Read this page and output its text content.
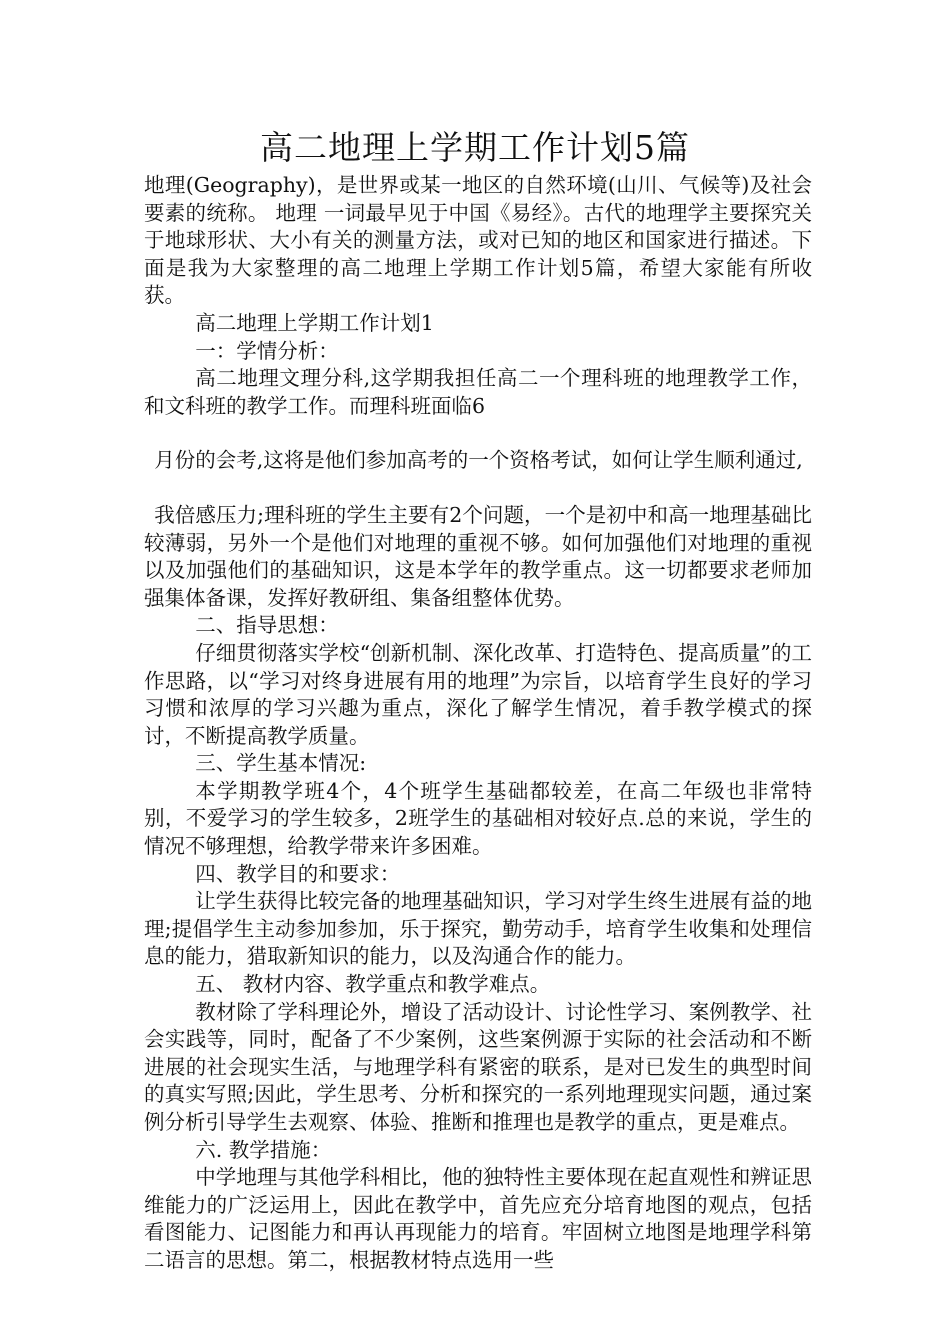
高二地理上学期工作计划5篇

地理(Geography)，是世界或某一地区的自然环境(山川、气候等)及社会要素的统称。 地理 一词最早见于中国《易经》。古代的地理学主要探究关于地球形状、大小有关的测量方法，或对已知的地区和国家进行描述。下面是我为大家整理的高二地理上学期工作计划5篇，希望大家能有所收获。

高二地理上学期工作计划1

一：学情分析：

高二地理文理分科,这学期我担任高二一个理科班的地理教学工作，和文科班的教学工作。而理科班面临6

月份的会考,这将是他们参加高考的一个资格考试，如何让学生顺利通过,

我倍感压力;理科班的学生主要有2个问题，一个是初中和高一地理基础比较薄弱，另外一个是他们对地理的重视不够。如何加强他们对地理的重视以及加强他们的基础知识，这是本学年的教学重点。这一切都要求老师加强集体备课，发挥好教研组、集备组整体优势。

二、指导思想：

仔细贯彻落实学校“创新机制、深化改革、打造特色、提高质量”的工作思路，以“学习对终身进展有用的地理”为宗旨，以培育学生良好的学习习惯和浓厚的学习兴趣为重点，深化了解学生情况，着手教学模式的探讨，不断提高教学质量。

三、学生基本情况:

本学期教学班4个，4个班学生基础都较差，在高二年级也非常特别，不爱学习的学生较多，2班学生的基础相对较好点.总的来说，学生的情况不够理想，给教学带来许多困难。

四、教学目的和要求：

让学生获得比较完备的地理基础知识，学习对学生终生进展有益的地理;提倡学生主动参加参加，乐于探究，勤劳动手，培育学生收集和处理信息的能力，猎取新知识的能力，以及沟通合作的能力。

五、 教材内容、教学重点和教学难点。

教材除了学科理论外，增设了活动设计、讨论性学习、案例教学、社会实践等，同时，配备了不少案例，这些案例源于实际的社会活动和不断进展的社会现实生活，与地理学科有紧密的联系，是对已发生的典型时间的真实写照;因此，学生思考、分析和探究的一系列地理现实问题，通过案例分析引导学生去观察、体验、推断和推理也是教学的重点，更是难点。

六. 教学措施：

中学地理与其他学科相比，他的独特性主要体现在起直观性和辨证思维能力的广泛运用上，因此在教学中，首先应充分培育地图的观点，包括看图能力、记图能力和再认再现能力的培育。牢固树立地图是地理学科第二语言的思想。第二，根据教材特点选用一些
